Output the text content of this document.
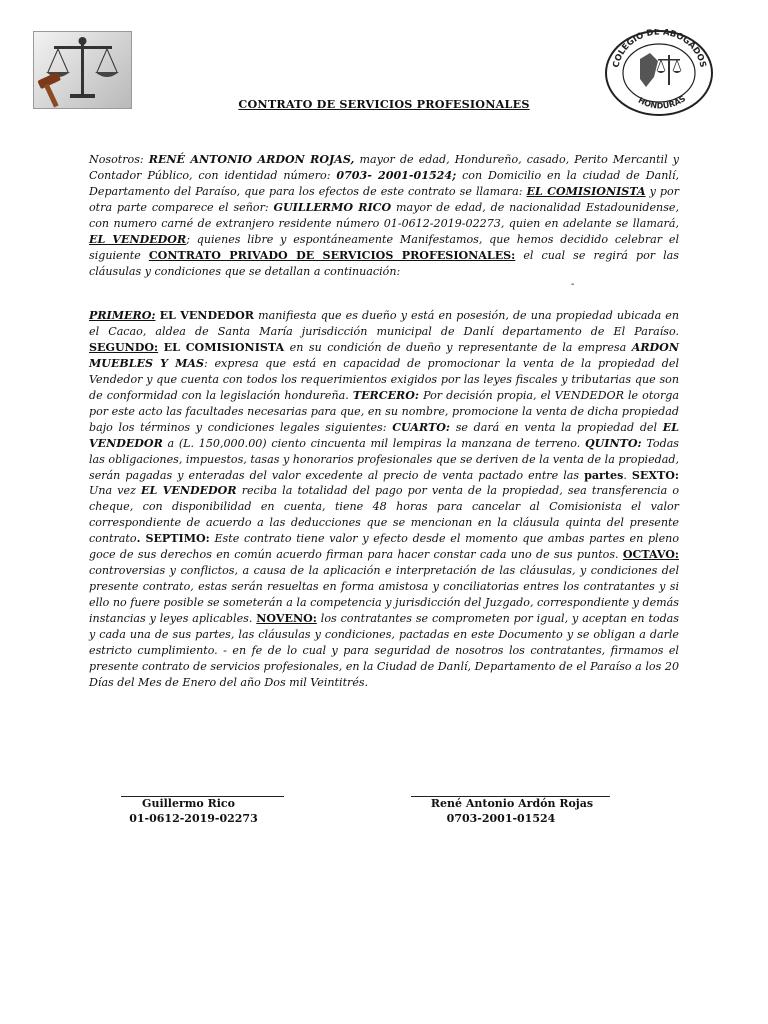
COLEGIO DE ABOGADOS
HONDURAS
CONTRATO DE SERVICIOS PROFESIONALES
Nosotros: RENÉ ANTONIO ARDON ROJAS, mayor de edad, Hondureño, casado, Perito Mercantil y Contador Público, con identidad número: 0703- 2001-01524; con Domicilio en la ciudad de Danlí, Departamento del Paraíso, que para los efectos de este contrato se llamara: EL COMISIONISTA y por otra parte comparece el señor: GUILLERMO RICO mayor de edad, de nacionalidad Estadounidense, con numero carné de extranjero residente número 01-0612-2019-02273, quien en adelante se llamará, EL VENDEDOR; quienes libre y espontáneamente Manifestamos, que hemos decidido celebrar el siguiente CONTRATO PRIVADO DE SERVICIOS PROFESIONALES: el cual se regirá por las cláusulas y condiciones que se detallan a continuación:
-
PRIMERO: EL VENDEDOR manifiesta que es dueño y está en posesión, de una propiedad ubicada en el Cacao, aldea de Santa María jurisdicción municipal de Danlí departamento de El Paraíso. SEGUNDO: EL COMISIONISTA en su condición de dueño y representante de la empresa ARDON MUEBLES Y MAS: expresa que está en capacidad de promocionar la venta de la propiedad del Vendedor y que cuenta con todos los requerimientos exigidos por las leyes fiscales y tributarias que son de conformidad con la legislación hondureña. TERCERO: Por decisión propia, el VENDEDOR le otorga por este acto las facultades necesarias para que, en su nombre, promocione la venta de dicha propiedad bajo los términos y condiciones legales siguientes: CUARTO: se dará en venta la propiedad del EL VENDEDOR a (L. 150,000.00) ciento cincuenta mil lempiras la manzana de terreno. QUINTO: Todas las obligaciones, impuestos, tasas y honorarios profesionales que se deriven de la venta de la propiedad, serán pagadas y enteradas del valor excedente al precio de venta pactado entre las partes. SEXTO: Una vez EL VENDEDOR reciba la totalidad del pago por venta de la propiedad, sea transferencia o cheque, con disponibilidad en cuenta, tiene 48 horas para cancelar al Comisionista el valor correspondiente de acuerdo a las deducciones que se mencionan en la cláusula quinta del presente contrato. SEPTIMO: Este contrato tiene valor y efecto desde el momento que ambas partes en pleno goce de sus derechos en común acuerdo firman para hacer constar cada uno de sus puntos. OCTAVO: controversias y conflictos, a causa de la aplicación e interpretación de las cláusulas, y condiciones del presente contrato, estas serán resueltas en forma amistosa y conciliatorias entres los contratantes y si ello no fuere posible se someterán a la competencia y jurisdicción del Juzgado, correspondiente y demás instancias y leyes aplicables. NOVENO: los contratantes se comprometen por igual, y aceptan en todas y cada una de sus partes, las cláusulas y condiciones, pactadas en este Documento y se obligan a darle estricto cumplimiento. - en fe de lo cual y para seguridad de nosotros los contratantes, firmamos el presente contrato de servicios profesionales, en la Ciudad de Danlí, Departamento de el Paraíso a los 20 Días del Mes de Enero del año Dos mil Veintitrés.
Guillermo Rico
01-0612-2019-02273
René Antonio Ardón Rojas
0703-2001-01524
